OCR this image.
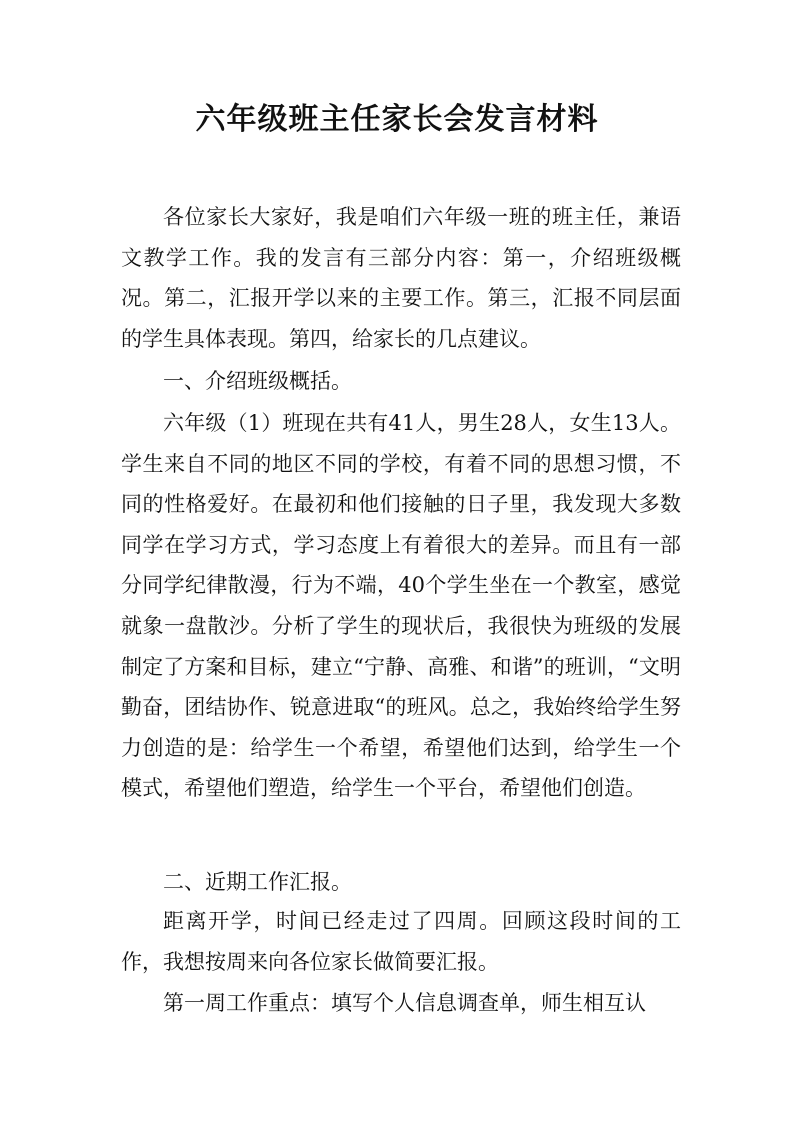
六年级班主任家长会发言材料

各位家长大家好，我是咱们六年级一班的班主任，兼语文教学工作。我的发言有三部分内容：第一，介绍班级概况。第二，汇报开学以来的主要工作。第三，汇报不同层面的学生具体表现。第四，给家长的几点建议。

一、介绍班级概括。

六年级（1）班现在共有41人，男生28人，女生13人。学生来自不同的地区不同的学校，有着不同的思想习惯，不同的性格爱好。在最初和他们接触的日子里，我发现大多数同学在学习方式，学习态度上有着很大的差异。而且有一部分同学纪律散漫，行为不端，40个学生坐在一个教室，感觉就象一盘散沙。分析了学生的现状后，我很快为班级的发展制定了方案和目标，建立“宁静、高雅、和谐”的班训，“文明勤奋，团结协作、锐意进取“的班风。总之，我始终给学生努力创造的是：给学生一个希望，希望他们达到，给学生一个模式，希望他们塑造，给学生一个平台，希望他们创造。

二、近期工作汇报。

距离开学，时间已经走过了四周。回顾这段时间的工作，我想按周来向各位家长做简要汇报。

第一周工作重点：填写个人信息调查单，师生相互认
